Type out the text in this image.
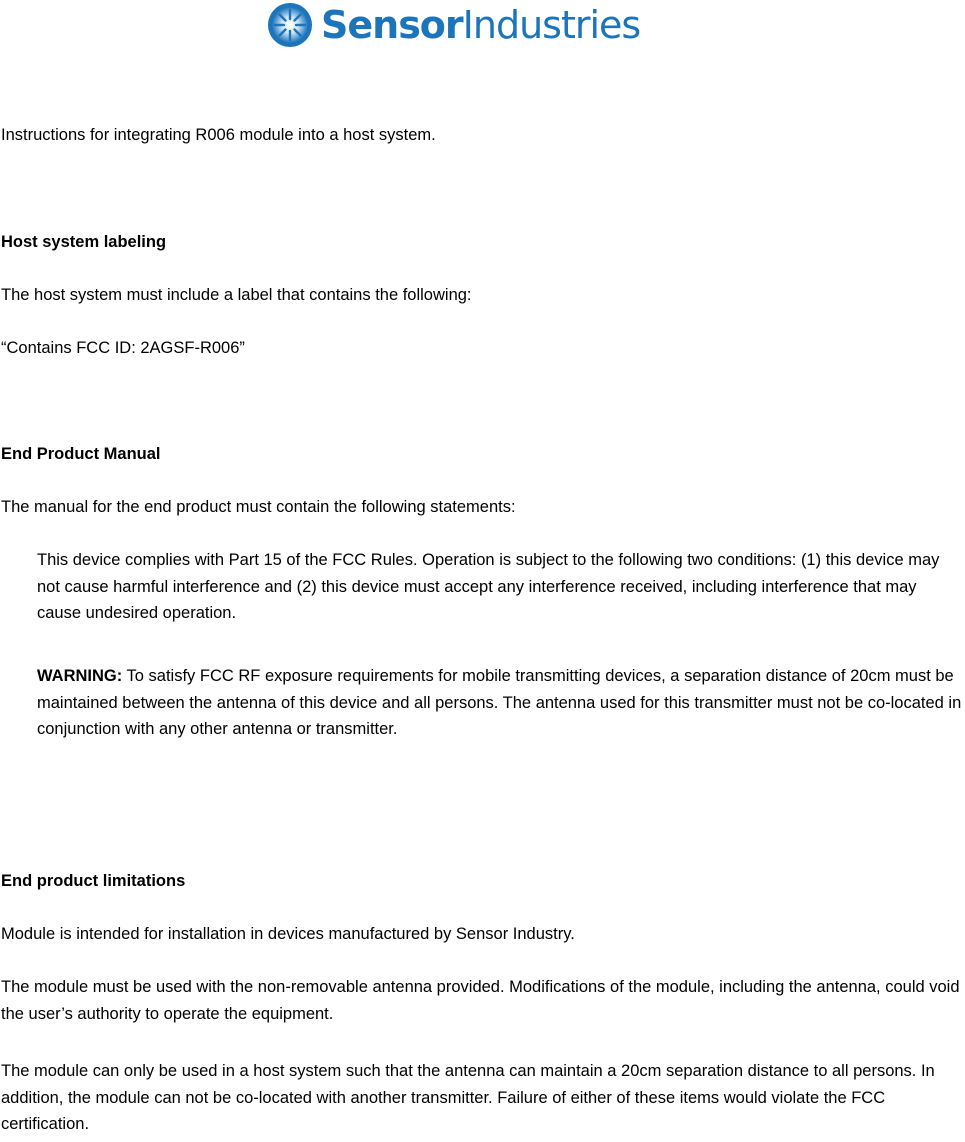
SensorIndustries
Instructions for integrating R006 module into a host system.
Host system labeling
The host system must include a label that contains the following:
“Contains FCC ID: 2AGSF-R006”
End Product Manual
The manual for the end product must contain the following statements:
This device complies with Part 15 of the FCC Rules. Operation is subject to the following two conditions: (1) this device may not cause harmful interference and (2) this device must accept any interference received, including interference that may cause undesired operation.
WARNING: To satisfy FCC RF exposure requirements for mobile transmitting devices, a separation distance of 20cm must be maintained between the antenna of this device and all persons. The antenna used for this transmitter must not be co-located in conjunction with any other antenna or transmitter.
End product limitations
Module is intended for installation in devices manufactured by Sensor Industry.
The module must be used with the non-removable antenna provided. Modifications of the module, including the antenna, could void the user’s authority to operate the equipment.
The module can only be used in a host system such that the antenna can maintain a 20cm separation distance to all persons. In addition, the module can not be co-located with another transmitter. Failure of either of these items would violate the FCC certification.
